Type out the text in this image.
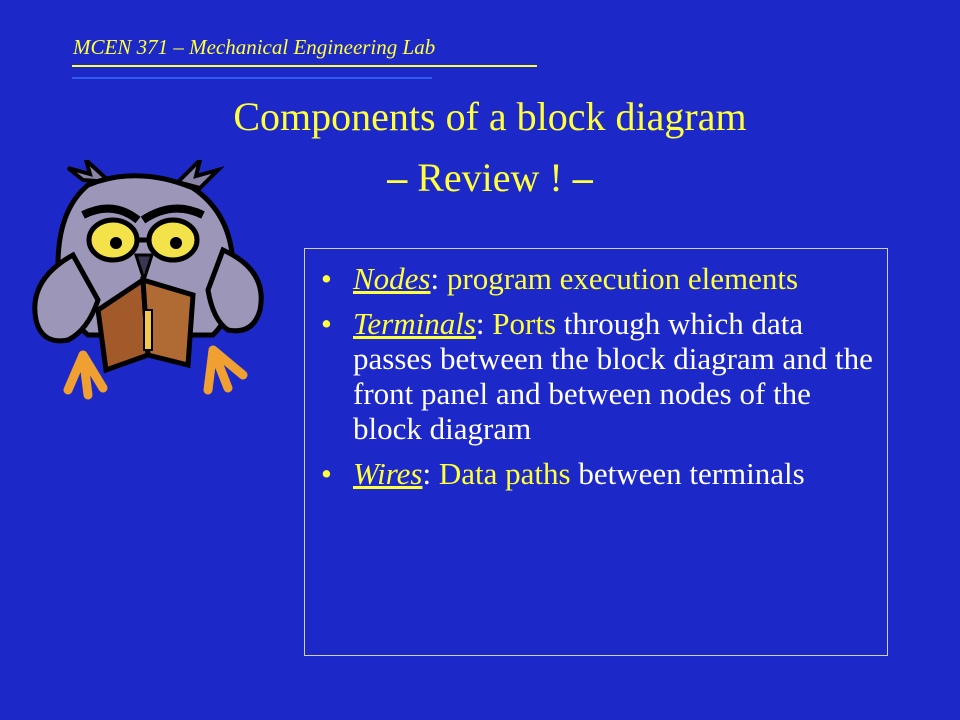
MCEN 371 – Mechanical Engineering Lab
Components of a block diagram
– Review ! –
• Nodes: program execution elements
• Terminals: Ports through which data passes between the block diagram and the front panel and between nodes of the block diagram
• Wires: Data paths between terminals
